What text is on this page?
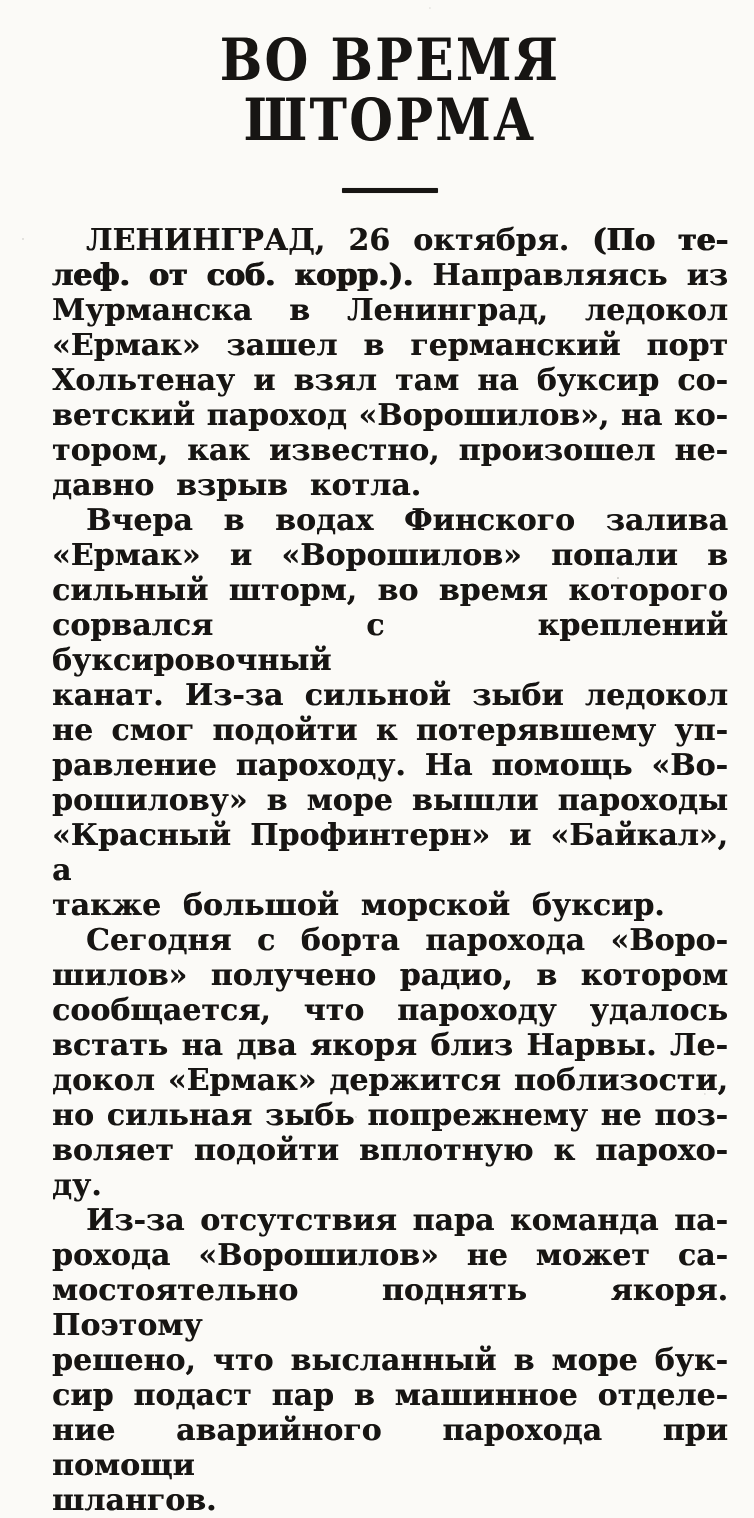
ВО ВРЕМЯ
ШТОРМА
ЛЕНИНГРАД, 26 октября. (По те-
леф. от соб. корр.). Направляясь из
Мурманска в Ленинград, ледокол
«Ермак» зашел в германский порт
Хольтенау и взял там на буксир со-
ветский пароход «Ворошилов», на ко-
тором, как известно, произошел не-
давно взрыв котла.
Вчера в водах Финского залива
«Ермак» и «Ворошилов» попали в
сильный шторм, во время которого
сорвался с креплений буксировочный
канат. Из-за сильной зыби ледокол
не смог подойти к потерявшему уп-
равление пароходу. На помощь «Во-
рошилову» в море вышли пароходы
«Красный Профинтерн» и «Байкал», а
также большой морской буксир.
Сегодня с борта парохода «Воро-
шилов» получено радио, в котором
сообщается, что пароходу удалось
встать на два якоря близ Нарвы. Ле-
докол «Ермак» держится поблизости,
но сильная зыбь попрежнему не поз-
воляет подойти вплотную к парохо-
ду.
Из-за отсутствия пара команда па-
рохода «Ворошилов» не может са-
мостоятельно поднять якоря. Поэтому
решено, что высланный в море бук-
сир подаст пар в машинное отделе-
ние аварийного парохода при помощи
шлангов.
